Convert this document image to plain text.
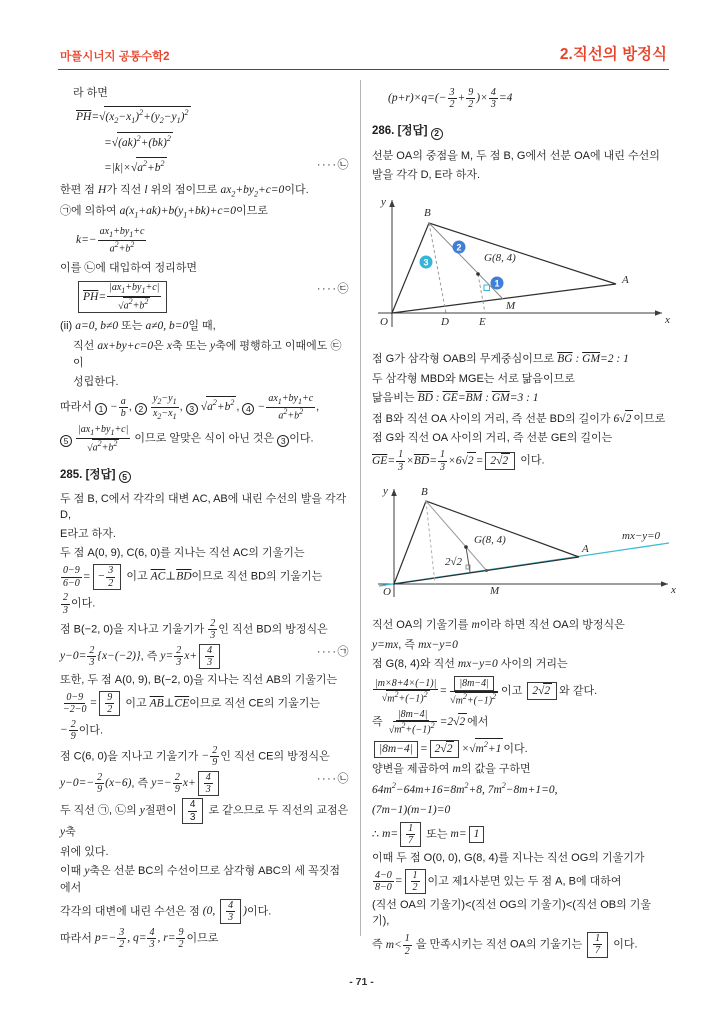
마플시너지 공통수학2	2.직선의 방정식
라 하면
$\overline{PH}=√(x_2-x_1)^2+(y_2-y_1)^2$
=√(ak)$^2$+(bk)$^2$
$=|k|\times√a^2+b^2$	····㉡
한편 점 H가 직선 l 위의 점이므로 $ax_2+by_2+c=0$이다.
㉠에 의하여 $a(x_1+ak)+b(y_1+bk)+c=0$이므로
$k=- \frac{ax_1+by_1+c}{a^2+b^2}$
이를 ㉡에 대입하여 정리하면
$\overline{PH}= \frac{|ax_1+by_1+c|}{√a^2+b^2}$	····㉢
(ii) a=0, b≠0 또는 a≠0, b=0일 때,
직선 ax+by+c=0은 x축 또는 y축에 평행하고 이때에도 ㉢이
성립한다.
따라서 $1 - \frac{a}{b}$ , $2 \frac{y_2-y_1}{x_2-x_1}$ , 3 $√a^2+b^2$ , $4 - \frac{ax_1+by_1+c}{a^2+b^2}$ ,
$5 \frac{|ax_1+by_1+c|}{√a^2+b^2}$ 이므로 알맞은 식이 아닌 것은 3 이다.
285. [정답] 5
두 점 B, C에서 각각의 대변 AC, AB에 내린 수선의 발을 각각 D,
E라고 하자.
두 점 A(0, 9), C(6, 0)를 지나는 직선 AC의 기울기는
$\frac{0-9}{6-0}$ = − $\frac{3}{2}$ 이고 $\overline{AC}\perp\overline{BD}$이므로 직선 BD의 기울기는
$\frac{2}{3}$ 이다.
점 B(−2, 0)을 지나고 기울기가 $\frac{2}{3}$ 인 직선 BD의 방정식은
$y-0= \frac{2}{3} \{x-(-2)\}$, 즉 $y= \frac{2}{3} x+ \frac{4}{3}$	····㉠
또한, 두 점 A(0, 9), B(−2, 0)을 지나는 직선 AB의 기울기는
$\frac{0-9}{-2-0} = \frac{9}{2}$ 이고 $\overline{AB}\perp\overline{CE}$이므로 직선 CE의 기울기는
− $\frac{2}{9}$ 이다.
점 C(6, 0)을 지나고 기울기가 − $\frac{2}{9}$ 인 직선 CE의 방정식은
$y-0=- \frac{2}{9} (x-6)$, 즉 $y=- \frac{2}{9} x+ \frac{4}{3}$	····㉡
두 직선 ㉠, ㉡의 y절편이 $\frac{4}{3}$ 로 같으므로 두 직선의 교점은 y축
위에 있다.
이때 y축은 선분 BC의 수선이므로 삼각형 ABC의 세 꼭짓점에서
각각의 대변에 내린 수선은 점 (0, $\frac{4}{3}$ )이다.
따라서 $p=- \frac{3}{2}$ , $q= \frac{4}{3}$ , $r= \frac{9}{2}$ 이므로
$(p+r)\times q=(- \frac{3}{2} + \frac{9}{2}$ )× $\frac{4}{3} =4$
286. [정답] 2
선분 OA의 중점을 M, 두 점 B, G에서 선분 OA에 내린 수선의
발을 각각 D, E라 하자.
3
2
1
y
x
O
B
A
G(8, 4)
D	E
M
점 G가 삼각형 OAB의 무게중심이므로 $\overline{BG}$ : $\overline{GM}=2$ : 1
두 삼각형 MBD와 MGE는 서로 닮음이므로
닮음비는 $\overline{BD}$ : $\overline{GE}=\overline{BM}$ : $\overline{GM}=3$ : 1
점 B와 직선 OA 사이의 거리, 즉 선분 BD의 길이가 6√2 이므로
점 G와 직선 OA 사이의 거리, 즉 선분 GE의 길이는
$\overline{GE}= \frac{1}{3} \times\overline{BD}= \frac{1}{3} \times 6√2 = 2√2$ 이다.
y
x
O
B
A
G(8, 4)
M
2√2
mx−y=0
직선 OA의 기울기를 m이라 하면 직선 OA의 방정식은
y=mx, 즉 mx−y=0
점 G(8, 4)와 직선 mx−y=0 사이의 거리는
$\frac{|m\times 8+4\times(-1)|}{√m^2+(-1)^2} = \frac{|8m-4|}{√m^2+(-1)^2}$ 이고 2√2 와 같다.
즉 $\frac{|8m-4|}{√m^2+(-1)^2} =2√2$ 에서
$|8m-4| = 2√2 \times√m^2+1$ 이다.
양변을 제곱하여 m의 값을 구하면
$64m^2-64m+16=8m^2+8$, $7m^2-8m+1=0$,
(7m−1)(m−1)=0
∴ $m= \frac{1}{7}$ 또는 m= 1
이때 두 점 O(0, 0), G(8, 4)를 지나는 직선 OG의 기울기가
$\frac{4-0}{8-0} = \frac{1}{2}$ 이고 제1사분면 있는 두 점 A, B에 대하여
(직선 OA의 기울기)<(직선 OG의 기울기)<(직선 OB의 기울기),
즉 $m< \frac{1}{2}$ 을 만족시키는 직선 OA의 기울기는 $\frac{1}{7}$ 이다.
- 71 -
